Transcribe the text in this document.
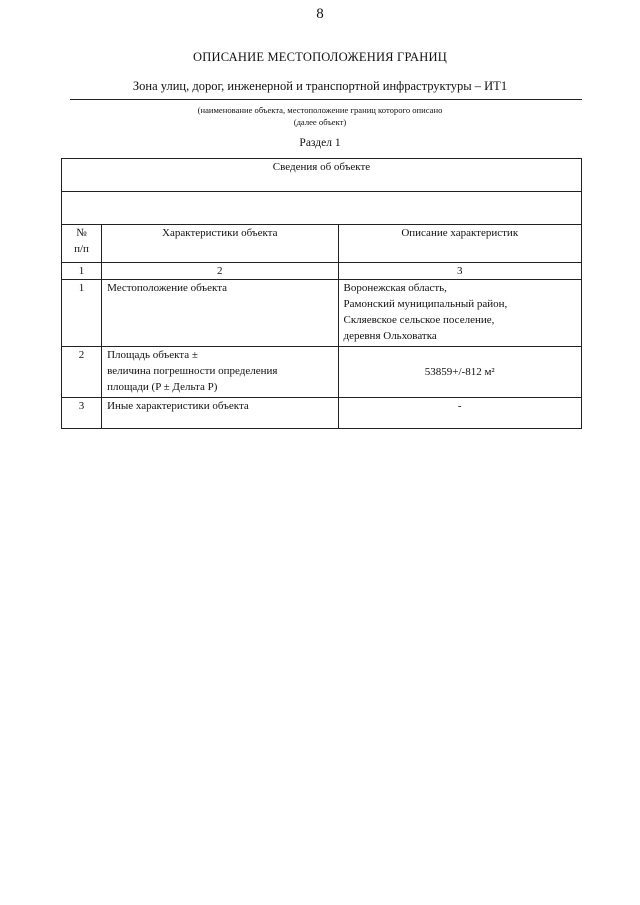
8
ОПИСАНИЕ МЕСТОПОЛОЖЕНИЯ ГРАНИЦ
Зона улиц, дорог, инженерной и транспортной инфраструктуры – ИТ1
(наименование объекта, местоположение границ которого описано
(далее объект)
Раздел 1
Сведения об объекте		

№
п/п	Характеристики объекта	Описание характеристик
1	2	3
1	Местоположение объекта	Воронежская область,
Рамонский муниципальный район,
Скляевское сельское поселение,
деревня Ольховатка

2	Площадь объекта ±
величина погрешности определения
площади (P ± Дельта P)	53859+/-812 м²

3	Иные характеристики объекта	-
